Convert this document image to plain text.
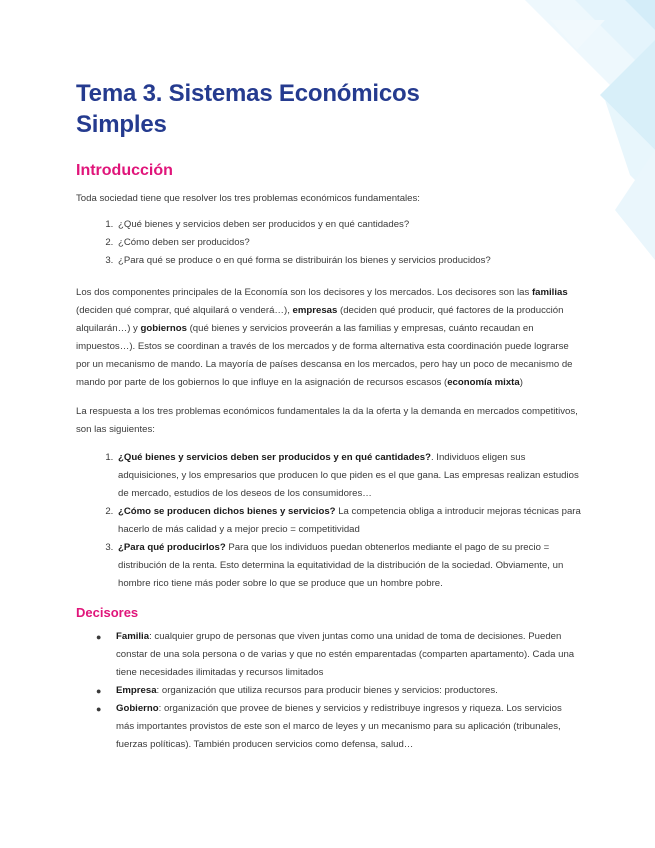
Tema 3. Sistemas Económicos
Simples
Introducción

Toda sociedad tiene que resolver los tres problemas económicos fundamentales:

1. ¿Qué bienes y servicios deben ser producidos y en qué cantidades?
2. ¿Cómo deben ser producidos?
3. ¿Para qué se produce o en qué forma se distribuirán los bienes y servicios producidos?

Los dos componentes principales de la Economía son los decisores y los mercados. Los decisores son las familias (deciden qué comprar, qué alquilará o venderá…), empresas (deciden qué producir, qué factores de la producción alquilarán…) y gobiernos (qué bienes y servicios proveerán a las familias y empresas, cuánto recaudan en impuestos…). Estos se coordinan a través de los mercados y de forma alternativa esta coordinación puede lograrse por un mecanismo de mando. La mayoría de países descansa en los mercados, pero hay un poco de mecanismo de mando por parte de los gobiernos lo que influye en la asignación de recursos escasos (economía mixta)

La respuesta a los tres problemas económicos fundamentales la da la oferta y la demanda en mercados competitivos, son las siguientes:

1. ¿Qué bienes y servicios deben ser producidos y en qué cantidades?. Individuos eligen sus adquisiciones, y los empresarios que producen lo que piden es el que gana. Las empresas realizan estudios de mercado, estudios de los deseos de los consumidores…
2. ¿Cómo se producen dichos bienes y servicios? La competencia obliga a introducir mejoras técnicas para hacerlo de más calidad y a mejor precio = competitividad
3. ¿Para qué producirlos? Para que los individuos puedan obtenerlos mediante el pago de su precio = distribución de la renta. Esto determina la equitatividad de la distribución de la sociedad. Obviamente, un hombre rico tiene más poder sobre lo que se produce que un hombre pobre.
Decisores
● Familia: cualquier grupo de personas que viven juntas como una unidad de toma de decisiones. Pueden constar de una sola persona o de varias y que no estén emparentadas (comparten apartamento). Cada una tiene necesidades ilimitadas y recursos limitados
● Empresa: organización que utiliza recursos para producir bienes y servicios: productores.
● Gobierno: organización que provee de bienes y servicios y redistribuye ingresos y riqueza. Los servicios más importantes provistos de este son el marco de leyes y un mecanismo para su aplicación (tribunales, fuerzas políticas). También producen servicios como defensa, salud…
